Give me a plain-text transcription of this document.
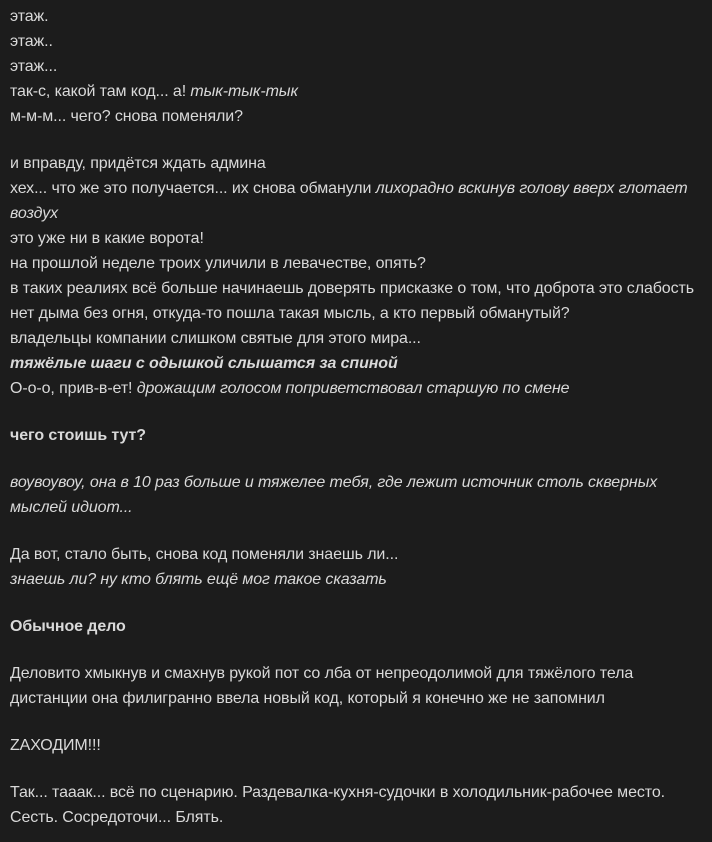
этаж.
этаж..
этаж...
так-с, какой там код... а! тык-тык-тык
м-м-м... чего? снова поменяли?
и вправду, придётся ждать админа
хех... что же это получается... их снова обманули лихорадно вскинув голову вверх глотает воздух
это уже ни в какие ворота!
на прошлой неделе троих уличили в левачестве, опять?
в таких реалиях всё больше начинаешь доверять присказке о том, что доброта это слабость
нет дыма без огня, откуда-то пошла такая мысль, а кто первый обманутый?
владельцы компании слишком святые для этого мира...
тяжёлые шаги с одышкой слышатся за спиной
О-о-о, прив-в-ет! дрожащим голосом поприветствовал старшую по смене
чего стоишь тут?
воувоувоу, она в 10 раз больше и тяжелее тебя, где лежит источник столь скверных мыслей идиот...
Да вот, стало быть, снова код поменяли знаешь ли...
знаешь ли? ну кто блять ещё мог такое сказать
Обычное дело
Деловито хмыкнув и смахнув рукой пот со лба от непреодолимой для тяжёлого тела дистанции она филигранно ввела новый код, который я конечно же не запомнил
ZАХОДИМ!!!
Так... тааак... всё по сценарию. Раздевалка-кухня-судочки в холодильник-рабочее место. Сесть. Сосредоточи... Блять.
